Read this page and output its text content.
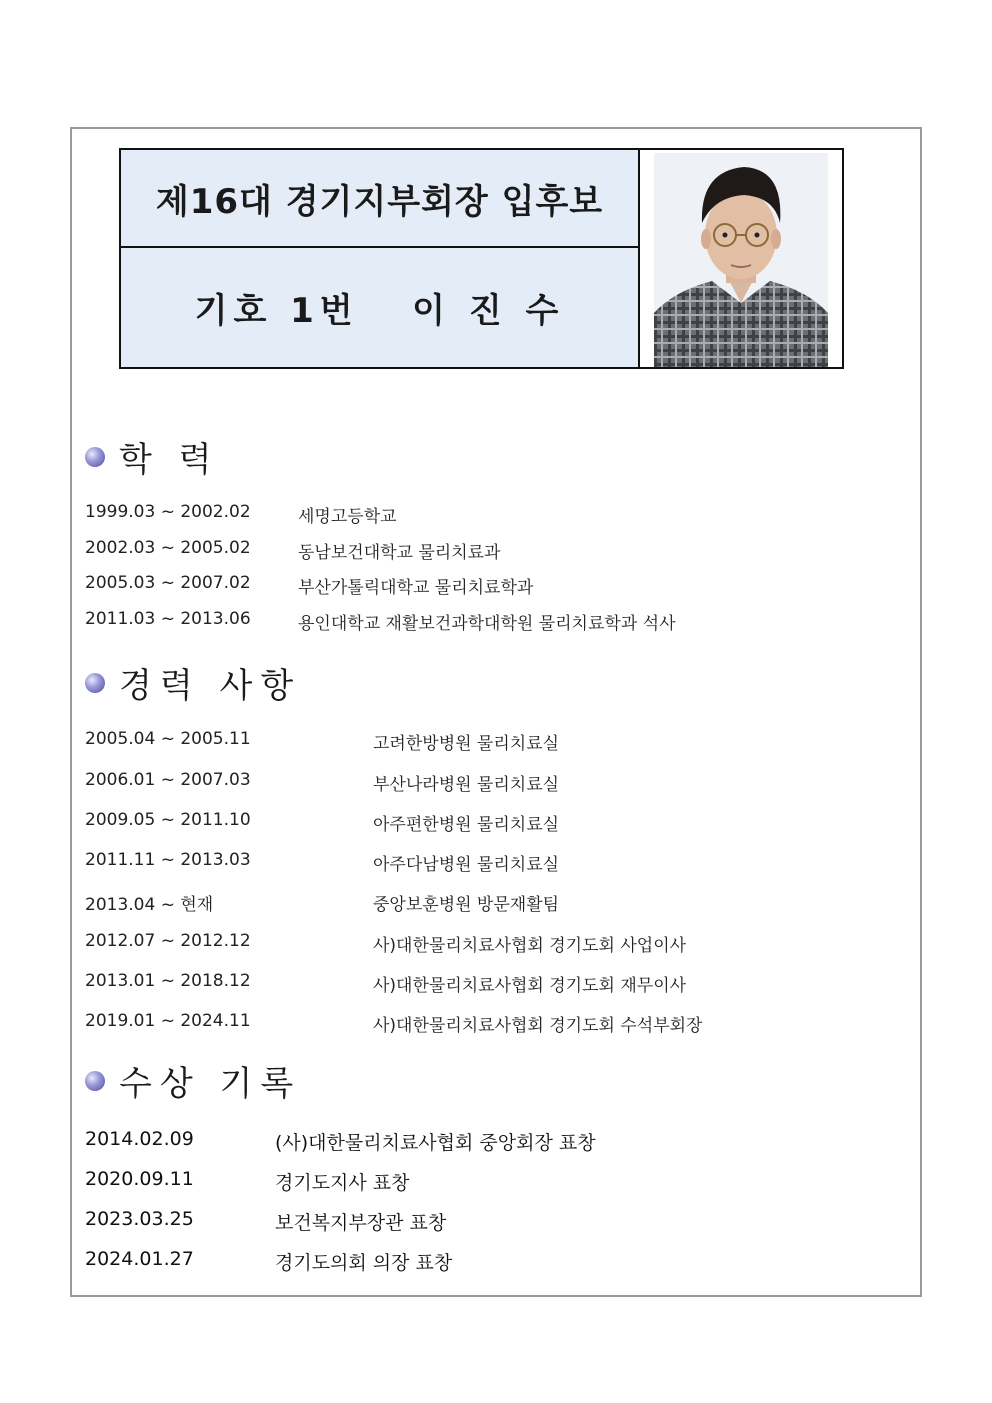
제16대 경기지부회장 입후보
기호 1번   이 진 수
학 력

1999.03 ~ 2002.02

	세명고등학교

2002.03 ~ 2005.02

	동남보건대학교 물리치료과

2005.03 ~ 2007.02

	부산가톨릭대학교 물리치료학과

2011.03 ~ 2013.06

	용인대학교 재활보건과학대학원 물리치료학과 석사

경력 사항

2005.04 ~ 2005.11

	고려한방병원 물리치료실

2006.01 ~ 2007.03

	부산나라병원 물리치료실

2009.05 ~ 2011.10

	아주편한병원 물리치료실

2011.11 ~ 2013.03

	아주다남병원 물리치료실

2013.04 ~ 현재

	중앙보훈병원 방문재활팀

2012.07 ~ 2012.12

	사)대한물리치료사협회 경기도회 사업이사

2013.01 ~ 2018.12

	사)대한물리치료사협회 경기도회 재무이사

2019.01 ~ 2024.11

	사)대한물리치료사협회 경기도회 수석부회장

수상 기록

2014.02.09

	(사)대한물리치료사협회 중앙회장 표창

2020.09.11

	경기도지사 표창

2023.03.25

	보건복지부장관 표창

2024.01.27

	경기도의회 의장 표창
